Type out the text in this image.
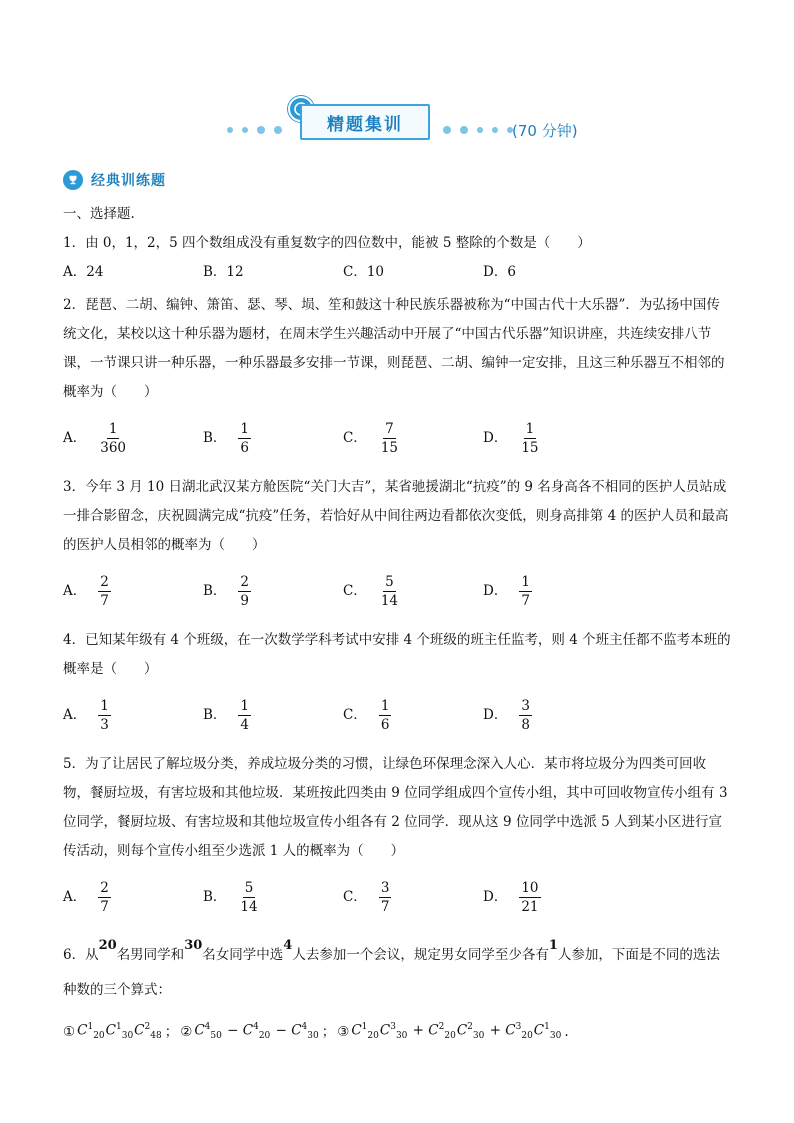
精题集训	(70 分钟)
经典训练题

一、选择题.

1．由 0，1，2，5 四个数组成没有重复数字的四位数中，能被 5 整除的个数是（　　）

A．24	B．12	C．10	D．6

2．琵琶、二胡、编钟、箫笛、瑟、琴、埙、笙和鼓这十种民族乐器被称为“中国古代十大乐器”．为弘扬中国传统文化，某校以这十种乐器为题材，在周末学生兴趣活动中开展了“中国古代乐器”知识讲座，共连续安排八节课，一节课只讲一种乐器，一种乐器最多安排一节课，则琵琶、二胡、编钟一定安排，且这三种乐器互不相邻的概率为（　　）

A． $\frac{1}{360}$	B． $\frac{1}{6}$	C． $\frac{7}{15}$	D． $\frac{1}{15}$

3．今年 3 月 10 日湖北武汉某方舱医院“关门大吉”，某省驰援湖北“抗疫”的 9 名身高各不相同的医护人员站成一排合影留念，庆祝圆满完成“抗疫”任务，若恰好从中间往两边看都依次变低，则身高排第 4 的医护人员和最高的医护人员相邻的概率为（　　）

A． $\frac{2}{7}$	B． $\frac{2}{9}$	C． $\frac{5}{14}$	D． $\frac{1}{7}$

4．已知某年级有 4 个班级，在一次数学学科考试中安排 4 个班级的班主任监考，则 4 个班主任都不监考本班的概率是（　　）

A． $\frac{1}{3}$	B． $\frac{1}{4}$	C． $\frac{1}{6}$	D． $\frac{3}{8}$

5．为了让居民了解垃圾分类，养成垃圾分类的习惯，让绿色环保理念深入人心．某市将垃圾分为四类可回收物，餐厨垃圾，有害垃圾和其他垃圾．某班按此四类由 9 位同学组成四个宣传小组，其中可回收物宣传小组有 3 位同学，餐厨垃圾、有害垃圾和其他垃圾宣传小组各有 2 位同学．现从这 9 位同学中选派 5 人到某小区进行宣传活动，则每个宣传小组至少选派 1 人的概率为（　　）

A． $\frac{2}{7}$	B． $\frac{5}{14}$	C． $\frac{3}{7}$	D． $\frac{10}{21}$

6．从20名男同学和30名女同学中选4人去参加一个会议，规定男女同学至少各有1人参加，下面是不同的选法种数的三个算式：

① $C^1_{20}C^1_{30}C^2_{48}$ ； ② $C^4_{50} - C^4_{20} - C^4_{30}$ ； ③ $C^1_{20}C^3_{30} + C^2_{20}C^2_{30} + C^3_{20}C^1_{30}$ .
